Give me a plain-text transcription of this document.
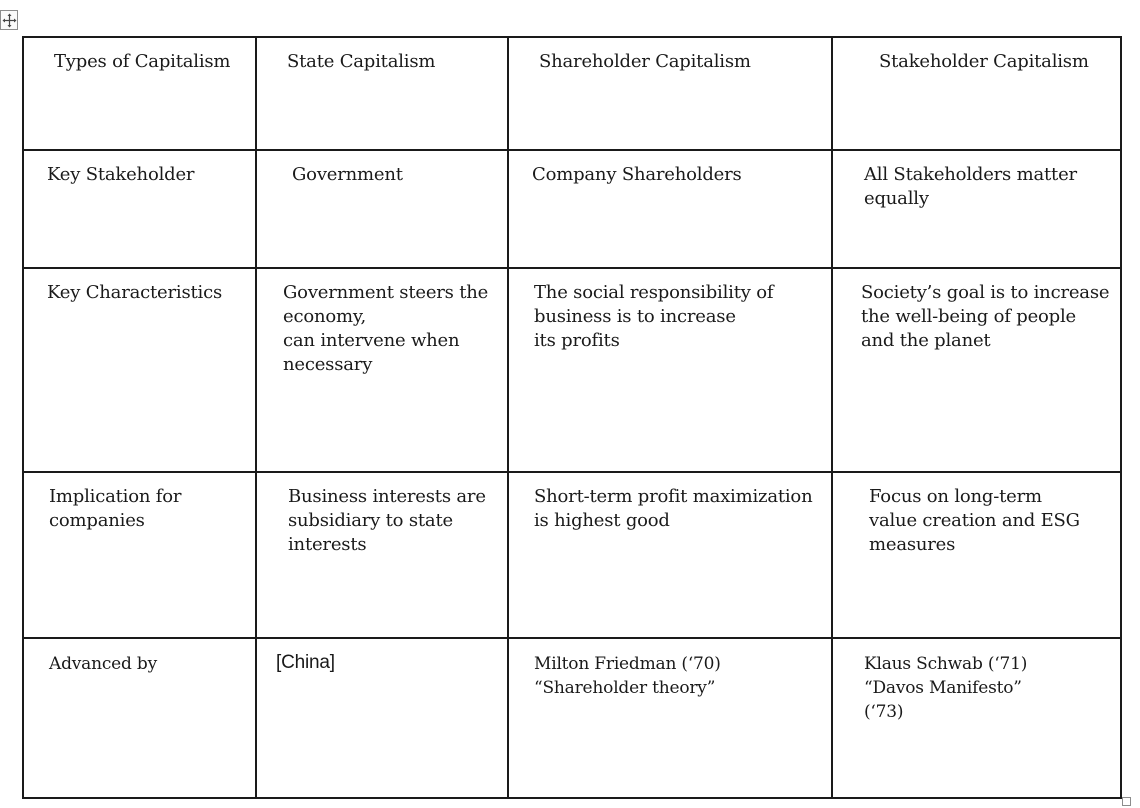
Types of Capitalism	State Capitalism	Shareholder Capitalism	Stakeholder Capitalism

Key Stakeholder	Government	Company Shareholders	All Stakeholders matter
equally

Key Characteristics	Government steers the
economy,
can intervene when
necessary	The social responsibility of
business is to increase
its profits	Society’s goal is to increase
the well-being of people
and the planet

Implication for
companies	Business interests are
subsidiary to state
interests	Short-term profit maximization
is highest good	Focus on long-term
value creation and ESG
measures

Advanced by	[China]	Milton Friedman (‘70)
“Shareholder theory”	Klaus Schwab (‘71)
“Davos Manifesto”
(‘73)
